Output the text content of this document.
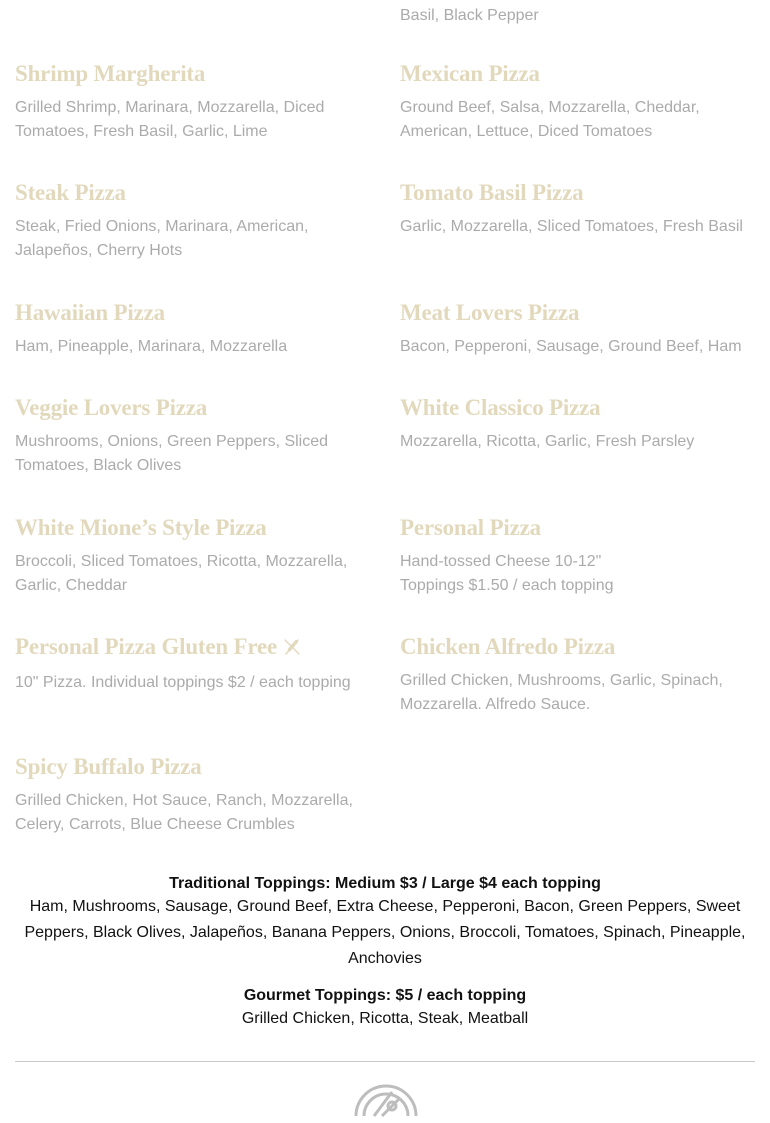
Basil, Black Pepper
Shrimp Margherita

Grilled Shrimp, Marinara, Mozzarella, Diced Tomatoes, Fresh Basil, Garlic, Lime

Mexican Pizza

Ground Beef, Salsa, Mozzarella, Cheddar, American, Lettuce, Diced Tomatoes

Steak Pizza

Steak, Fried Onions, Marinara, American, Jalapeños, Cherry Hots

Tomato Basil Pizza

Garlic, Mozzarella, Sliced Tomatoes, Fresh Basil

Hawaiian Pizza

Ham, Pineapple, Marinara, Mozzarella

Meat Lovers Pizza

Bacon, Pepperoni, Sausage, Ground Beef, Ham

Veggie Lovers Pizza

Mushrooms, Onions, Green Peppers, Sliced Tomatoes, Black Olives

White Classico Pizza

Mozzarella, Ricotta, Garlic, Fresh Parsley

White Mione’s Style Pizza

Broccoli, Sliced Tomatoes, Ricotta, Mozzarella, Garlic, Cheddar

Personal Pizza

Hand-tossed Cheese 10-12"

Toppings $1.50 / each topping

Personal Pizza Gluten Free

10" Pizza. Individual toppings $2 / each topping

Chicken Alfredo Pizza

Grilled Chicken, Mushrooms, Garlic, Spinach, Mozzarella. Alfredo Sauce.

Spicy Buffalo Pizza

Grilled Chicken, Hot Sauce, Ranch, Mozzarella, Celery, Carrots, Blue Cheese Crumbles

Traditional Toppings: Medium $3 / Large $4 each topping
Ham, Mushrooms, Sausage, Ground Beef, Extra Cheese, Pepperoni, Bacon, Green Peppers, Sweet Peppers, Black Olives, Jalapeños, Banana Peppers, Onions, Broccoli, Tomatoes, Spinach, Pineapple, Anchovies
Gourmet Toppings: $5 / each topping
Grilled Chicken, Ricotta, Steak, Meatball
